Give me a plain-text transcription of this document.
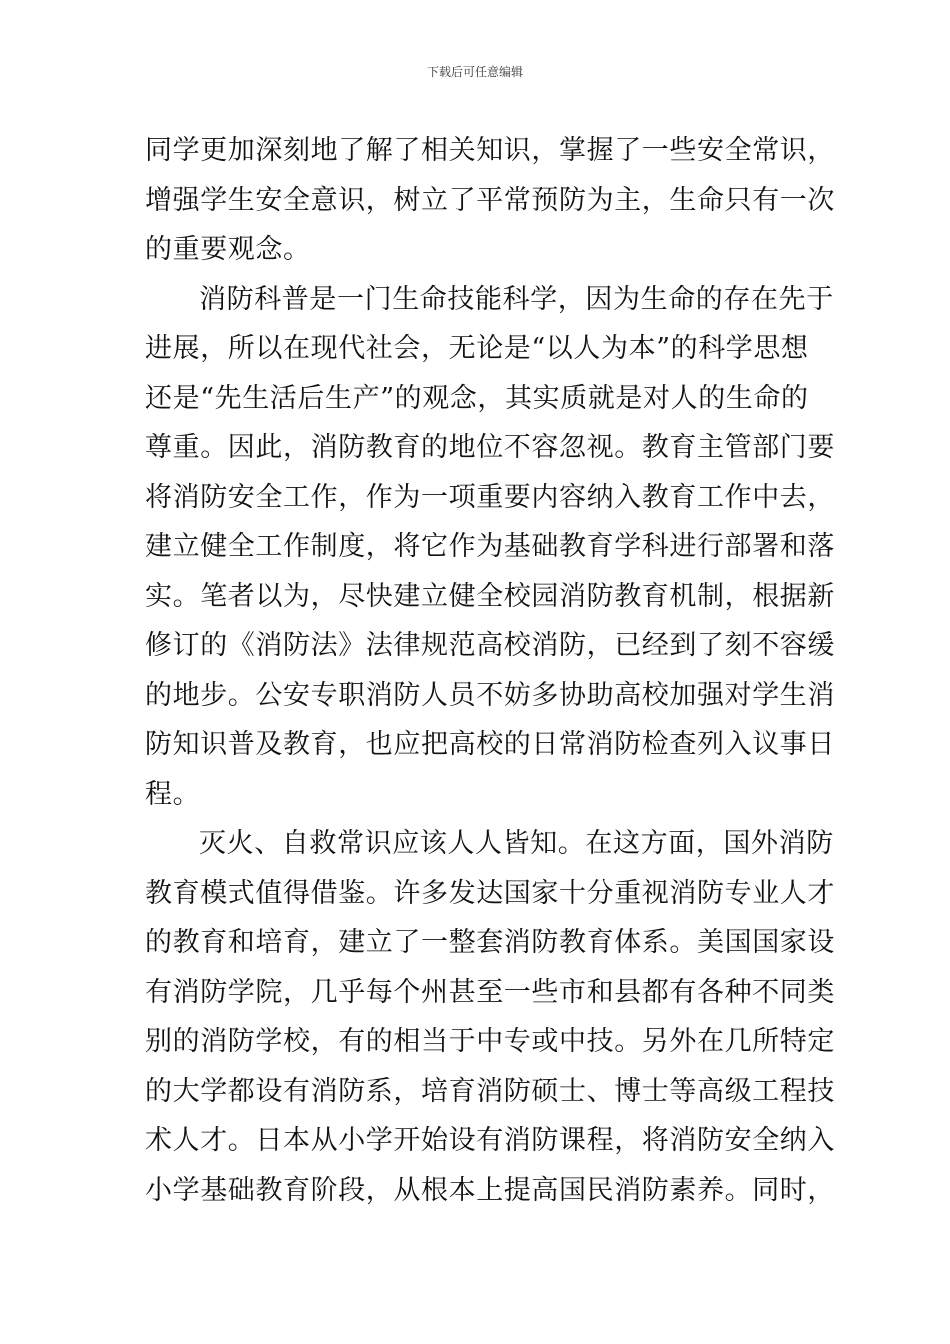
下载后可任意编辑
同学更加深刻地了解了相关知识，掌握了一些安全常识，
增强学生安全意识，树立了平常预防为主，生命只有一次
的重要观念。
消防科普是一门生命技能科学，因为生命的存在先于
进展，所以在现代社会，无论是“以人为本”的科学思想
还是“先生活后生产”的观念，其实质就是对人的生命的
尊重。因此，消防教育的地位不容忽视。教育主管部门要
将消防安全工作，作为一项重要内容纳入教育工作中去，
建立健全工作制度，将它作为基础教育学科进行部署和落
实。笔者以为，尽快建立健全校园消防教育机制，根据新
修订的《消防法》法律规范高校消防，已经到了刻不容缓
的地步。公安专职消防人员不妨多协助高校加强对学生消
防知识普及教育，也应把高校的日常消防检查列入议事日
程。
灭火、自救常识应该人人皆知。在这方面，国外消防
教育模式值得借鉴。许多发达国家十分重视消防专业人才
的教育和培育，建立了一整套消防教育体系。美国国家设
有消防学院，几乎每个州甚至一些市和县都有各种不同类
别的消防学校，有的相当于中专或中技。另外在几所特定
的大学都设有消防系，培育消防硕士、博士等高级工程技
术人才。日本从小学开始设有消防课程，将消防安全纳入
小学基础教育阶段，从根本上提高国民消防素养。同时，
